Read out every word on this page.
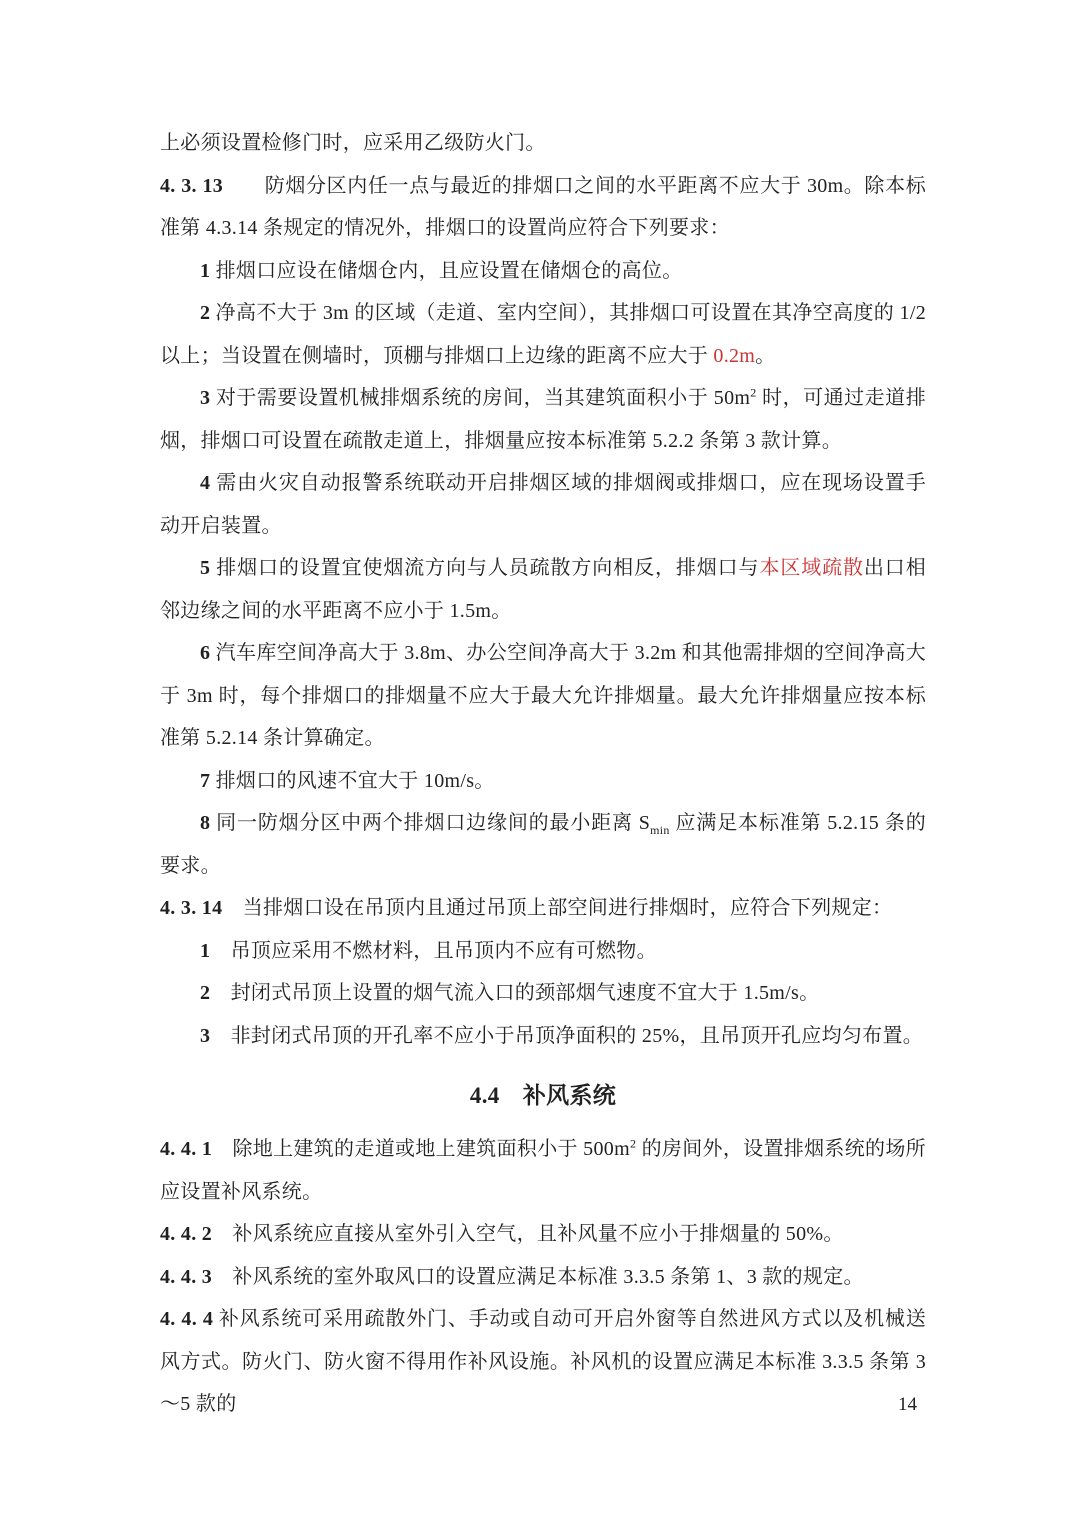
上必须设置检修门时，应采用乙级防火门。

4. 3. 13　　防烟分区内任一点与最近的排烟口之间的水平距离不应大于 30m。除本标准第 4.3.14 条规定的情况外，排烟口的设置尚应符合下列要求：

1 排烟口应设在储烟仓内，且应设置在储烟仓的高位。

2 净高不大于 3m 的区域（走道、室内空间），其排烟口可设置在其净空高度的 1/2 以上；当设置在侧墙时，顶棚与排烟口上边缘的距离不应大于 0.2m。

3 对于需要设置机械排烟系统的房间，当其建筑面积小于 $50m^2$ 时，可通过走道排烟，排烟口可设置在疏散走道上，排烟量应按本标准第 5.2.2 条第 3 款计算。

4 需由火灾自动报警系统联动开启排烟区域的排烟阀或排烟口，应在现场设置手动开启装置。

5 排烟口的设置宜使烟流方向与人员疏散方向相反，排烟口与本区域疏散出口相邻边缘之间的水平距离不应小于 1.5m。

6 汽车库空间净高大于 3.8m、办公空间净高大于 3.2m 和其他需排烟的空间净高大于 3m 时，每个排烟口的排烟量不应大于最大允许排烟量。最大允许排烟量应按本标准第 5.2.14 条计算确定。

7 排烟口的风速不宜大于 10m/s。

8 同一防烟分区中两个排烟口边缘间的最小距离 $S_{min}$ 应满足本标准第 5.2.15 条的要求。

4. 3. 14　当排烟口设在吊顶内且通过吊顶上部空间进行排烟时，应符合下列规定：

1　吊顶应采用不燃材料，且吊顶内不应有可燃物。

2　封闭式吊顶上设置的烟气流入口的颈部烟气速度不宜大于 1.5m/s。

3　非封闭式吊顶的开孔率不应小于吊顶净面积的 25%，且吊顶开孔应均匀布置。

4.4　补风系统

4. 4. 1　除地上建筑的走道或地上建筑面积小于 $500m^2$ 的房间外，设置排烟系统的场所应设置补风系统。

4. 4. 2　补风系统应直接从室外引入空气，且补风量不应小于排烟量的 50%。

4. 4. 3　补风系统的室外取风口的设置应满足本标准 3.3.5 条第 1、3 款的规定。

4. 4. 4 补风系统可采用疏散外门、手动或自动可开启外窗等自然进风方式以及机械送风方式。防火门、防火窗不得用作补风设施。补风机的设置应满足本标准 3.3.5 条第 3～5 款的	14
